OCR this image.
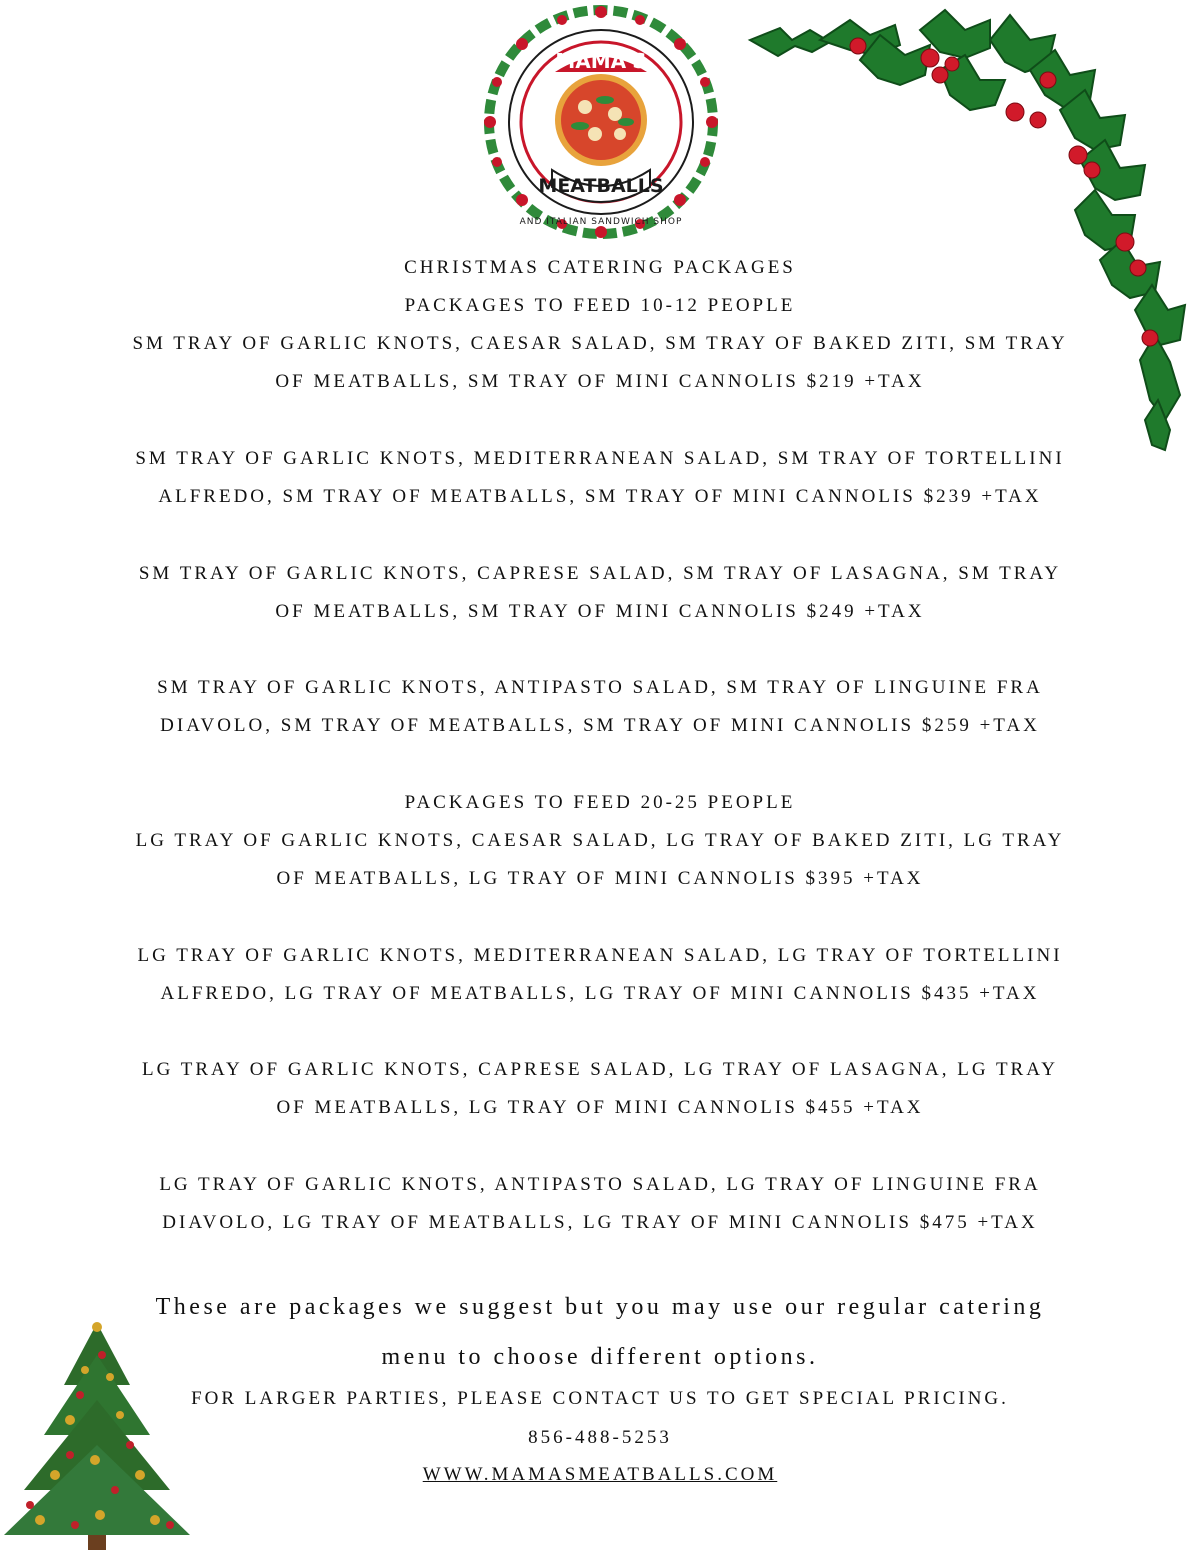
MAMA'S
MEATBALLS
AND ITALIAN SANDWICH SHOP
CHRISTMAS CATERING PACKAGES
PACKAGES TO FEED 10-12 PEOPLE
SM TRAY OF GARLIC KNOTS, CAESAR SALAD, SM TRAY OF BAKED ZITI, SM TRAY
OF MEATBALLS, SM TRAY OF MINI CANNOLIS $219 +TAX
SM TRAY OF GARLIC KNOTS, MEDITERRANEAN SALAD, SM TRAY OF TORTELLINI
ALFREDO, SM TRAY OF MEATBALLS, SM TRAY OF MINI CANNOLIS $239 +TAX
SM TRAY OF GARLIC KNOTS, CAPRESE SALAD, SM TRAY OF LASAGNA, SM TRAY
OF MEATBALLS, SM TRAY OF MINI CANNOLIS $249 +TAX
SM TRAY OF GARLIC KNOTS, ANTIPASTO SALAD, SM TRAY OF LINGUINE FRA
DIAVOLO, SM TRAY OF MEATBALLS, SM TRAY OF MINI CANNOLIS $259 +TAX
PACKAGES TO FEED 20-25 PEOPLE
LG TRAY OF GARLIC KNOTS, CAESAR SALAD, LG TRAY OF BAKED ZITI, LG TRAY
OF MEATBALLS, LG TRAY OF MINI CANNOLIS $395 +TAX
LG TRAY OF GARLIC KNOTS, MEDITERRANEAN SALAD, LG TRAY OF TORTELLINI
ALFREDO, LG TRAY OF MEATBALLS, LG TRAY OF MINI CANNOLIS $435 +TAX
LG TRAY OF GARLIC KNOTS, CAPRESE SALAD, LG TRAY OF LASAGNA, LG TRAY
OF MEATBALLS, LG TRAY OF MINI CANNOLIS $455 +TAX
LG TRAY OF GARLIC KNOTS, ANTIPASTO SALAD, LG TRAY OF LINGUINE FRA
DIAVOLO, LG TRAY OF MEATBALLS, LG TRAY OF MINI CANNOLIS $475 +TAX
These are packages we suggest but you may use our regular catering
menu to choose different options.
FOR LARGER PARTIES, PLEASE CONTACT US TO GET SPECIAL PRICING.
856-488-5253
WWW.MAMASMEATBALLS.COM
